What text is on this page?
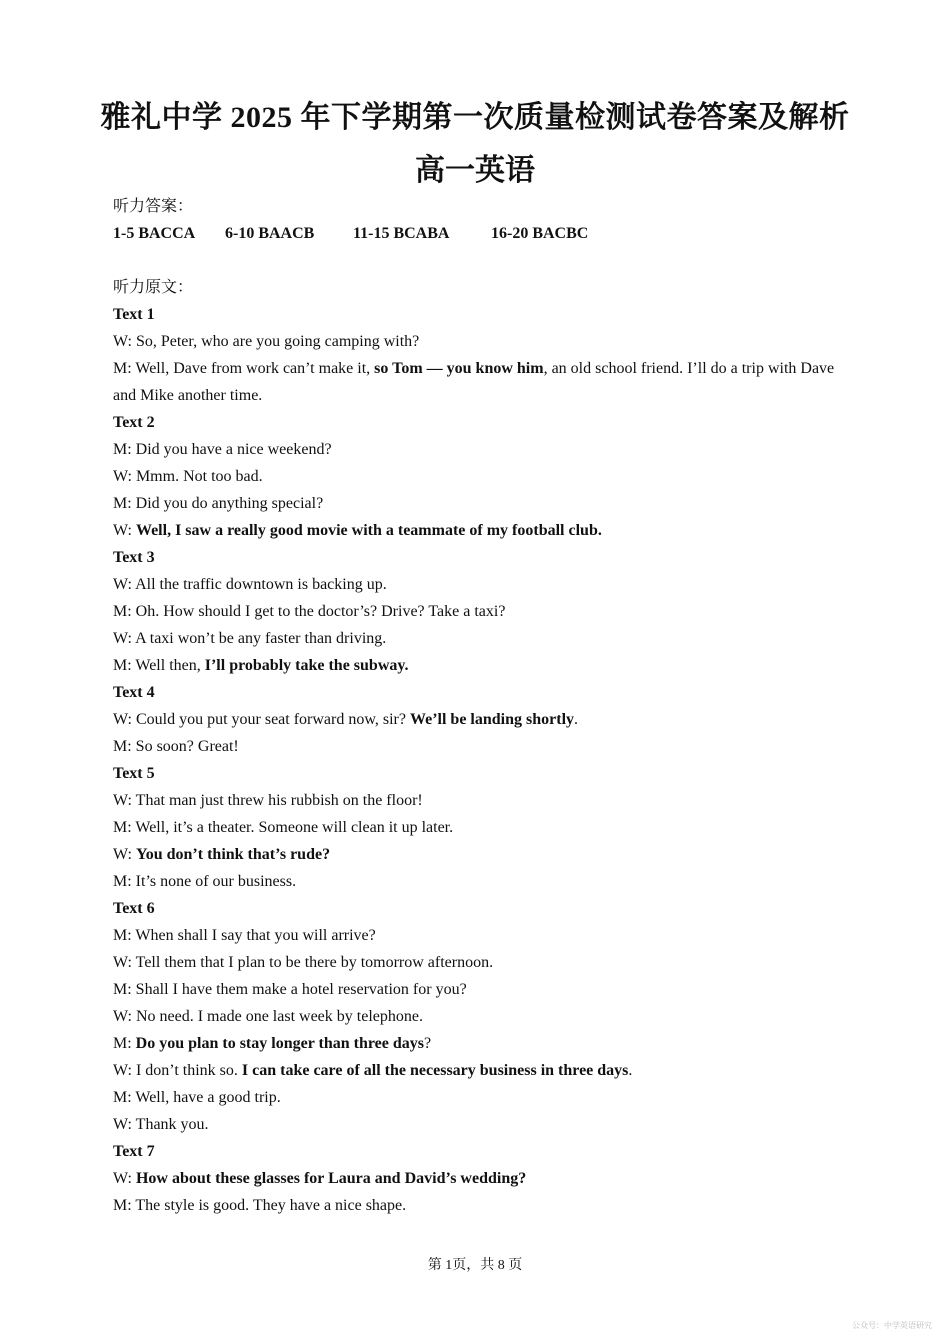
雅礼中学 2025 年下学期第一次质量检测试卷答案及解析
高一英语
听力答案：
1-5 BACCA	6-10 BAACB	11-15 BCABA	16-20 BACBC
听力原文：
Text 1
W: So, Peter, who are you going camping with?
M: Well, Dave from work can’t make it, so Tom — you know him, an old school friend. I’ll do a trip with Dave and Mike another time.
Text 2
M: Did you have a nice weekend?
W: Mmm. Not too bad.
M: Did you do anything special?
W: Well, I saw a really good movie with a teammate of my football club.
Text 3
W: All the traffic downtown is backing up.
M: Oh. How should I get to the doctor’s? Drive? Take a taxi?
W: A taxi won’t be any faster than driving.
M: Well then, I’ll probably take the subway.
Text 4
W: Could you put your seat forward now, sir? We’ll be landing shortly.
M: So soon? Great!
Text 5
W: That man just threw his rubbish on the floor!
M: Well, it’s a theater. Someone will clean it up later.
W: You don’t think that’s rude?
M: It’s none of our business.
Text 6
M: When shall I say that you will arrive?
W: Tell them that I plan to be there by tomorrow afternoon.
M: Shall I have them make a hotel reservation for you?
W: No need. I made one last week by telephone.
M: Do you plan to stay longer than three days?
W: I don’t think so. I can take care of all the necessary business in three days.
M: Well, have a good trip.
W: Thank you.
Text 7
W: How about these glasses for Laura and David’s wedding?
M: The style is good. They have a nice shape.
第 1页，共 8 页
公众号：中学英语研究
